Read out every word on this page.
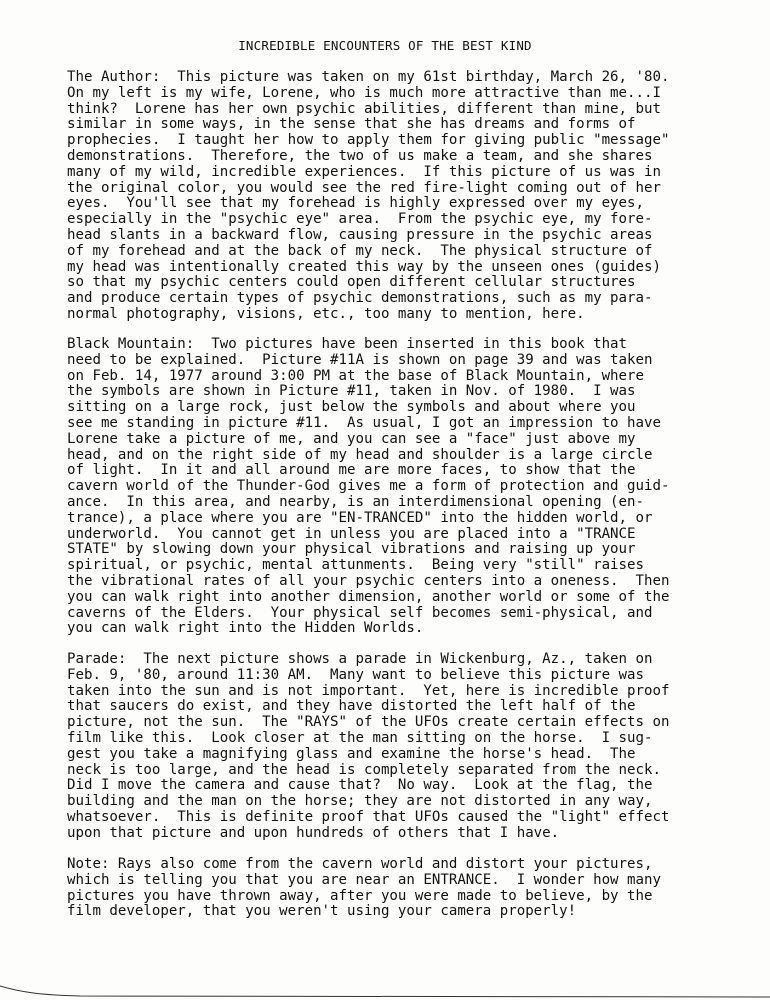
INCREDIBLE ENCOUNTERS OF THE BEST KIND
The Author:  This picture was taken on my 61st birthday, March 26, '80.
On my left is my wife, Lorene, who is much more attractive than me...I
think?  Lorene has her own psychic abilities, different than mine, but
similar in some ways, in the sense that she has dreams and forms of
prophecies.  I taught her how to apply them for giving public "message"
demonstrations.  Therefore, the two of us make a team, and she shares
many of my wild, incredible experiences.  If this picture of us was in
the original color, you would see the red fire-light coming out of her
eyes.  You'll see that my forehead is highly expressed over my eyes,
especially in the "psychic eye" area.  From the psychic eye, my fore-
head slants in a backward flow, causing pressure in the psychic areas
of my forehead and at the back of my neck.  The physical structure of
my head was intentionally created this way by the unseen ones (guides)
so that my psychic centers could open different cellular structures
and produce certain types of psychic demonstrations, such as my para-
normal photography, visions, etc., too many to mention, here.
Black Mountain:  Two pictures have been inserted in this book that
need to be explained.  Picture #11A is shown on page 39 and was taken
on Feb. 14, 1977 around 3:00 PM at the base of Black Mountain, where
the symbols are shown in Picture #11, taken in Nov. of 1980.  I was
sitting on a large rock, just below the symbols and about where you
see me standing in picture #11.  As usual, I got an impression to have
Lorene take a picture of me, and you can see a "face" just above my
head, and on the right side of my head and shoulder is a large circle
of light.  In it and all around me are more faces, to show that the
cavern world of the Thunder-God gives me a form of protection and guid-
ance.  In this area, and nearby, is an interdimensional opening (en-
trance), a place where you are "EN-TRANCED" into the hidden world, or
underworld.  You cannot get in unless you are placed into a "TRANCE
STATE" by slowing down your physical vibrations and raising up your
spiritual, or psychic, mental attunments.  Being very "still" raises
the vibrational rates of all your psychic centers into a oneness.  Then
you can walk right into another dimension, another world or some of the
caverns of the Elders.  Your physical self becomes semi-physical, and
you can walk right into the Hidden Worlds.
Parade:  The next picture shows a parade in Wickenburg, Az., taken on
Feb. 9, '80, around 11:30 AM.  Many want to believe this picture was
taken into the sun and is not important.  Yet, here is incredible proof
that saucers do exist, and they have distorted the left half of the
picture, not the sun.  The "RAYS" of the UFOs create certain effects on
film like this.  Look closer at the man sitting on the horse.  I sug-
gest you take a magnifying glass and examine the horse's head.  The
neck is too large, and the head is completely separated from the neck.
Did I move the camera and cause that?  No way.  Look at the flag, the
building and the man on the horse; they are not distorted in any way,
whatsoever.  This is definite proof that UFOs caused the "light" effect
upon that picture and upon hundreds of others that I have.
Note: Rays also come from the cavern world and distort your pictures,
which is telling you that you are near an ENTRANCE.  I wonder how many
pictures you have thrown away, after you were made to believe, by the
film developer, that you weren't using your camera properly!
